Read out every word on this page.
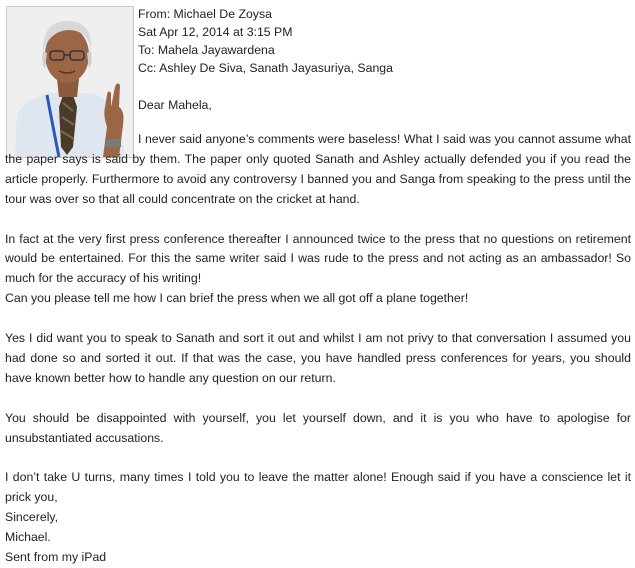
From: Michael De Zoysa
Sat Apr 12, 2014 at 3:15 PM
To: Mahela Jayawardena
Cc: Ashley De Siva, Sanath Jayasuriya, Sanga
Dear Mahela,

I never said anyone’s comments were baseless! What I said was you cannot assume what the paper says is said by them. The paper only quoted Sanath and Ashley actually defended you if you read the article properly. Furthermore to avoid any controversy I banned you and Sanga from speaking to the press until the tour was over so that all could concentrate on the cricket at hand.

In fact at the very first press conference thereafter I announced twice to the press that no questions on retirement would be entertained. For this the same writer said I was rude to the press and not acting as an ambassador! So much for the accuracy of his writing!

Can you please tell me how I can brief the press when we all got off a plane together!

Yes I did want you to speak to Sanath and sort it out and whilst I am not privy to that conversation I assumed you had done so and sorted it out. If that was the case, you have handled press conferences for years, you should have known better how to handle any question on our return.

You should be disappointed with yourself, you let yourself down, and it is you who have to apologise for unsubstantiated accusations.

I don’t take U turns, many times I told you to leave the matter alone! Enough said if you have a conscience let it prick you,

Sincerely,

Michael.

Sent from my iPad
